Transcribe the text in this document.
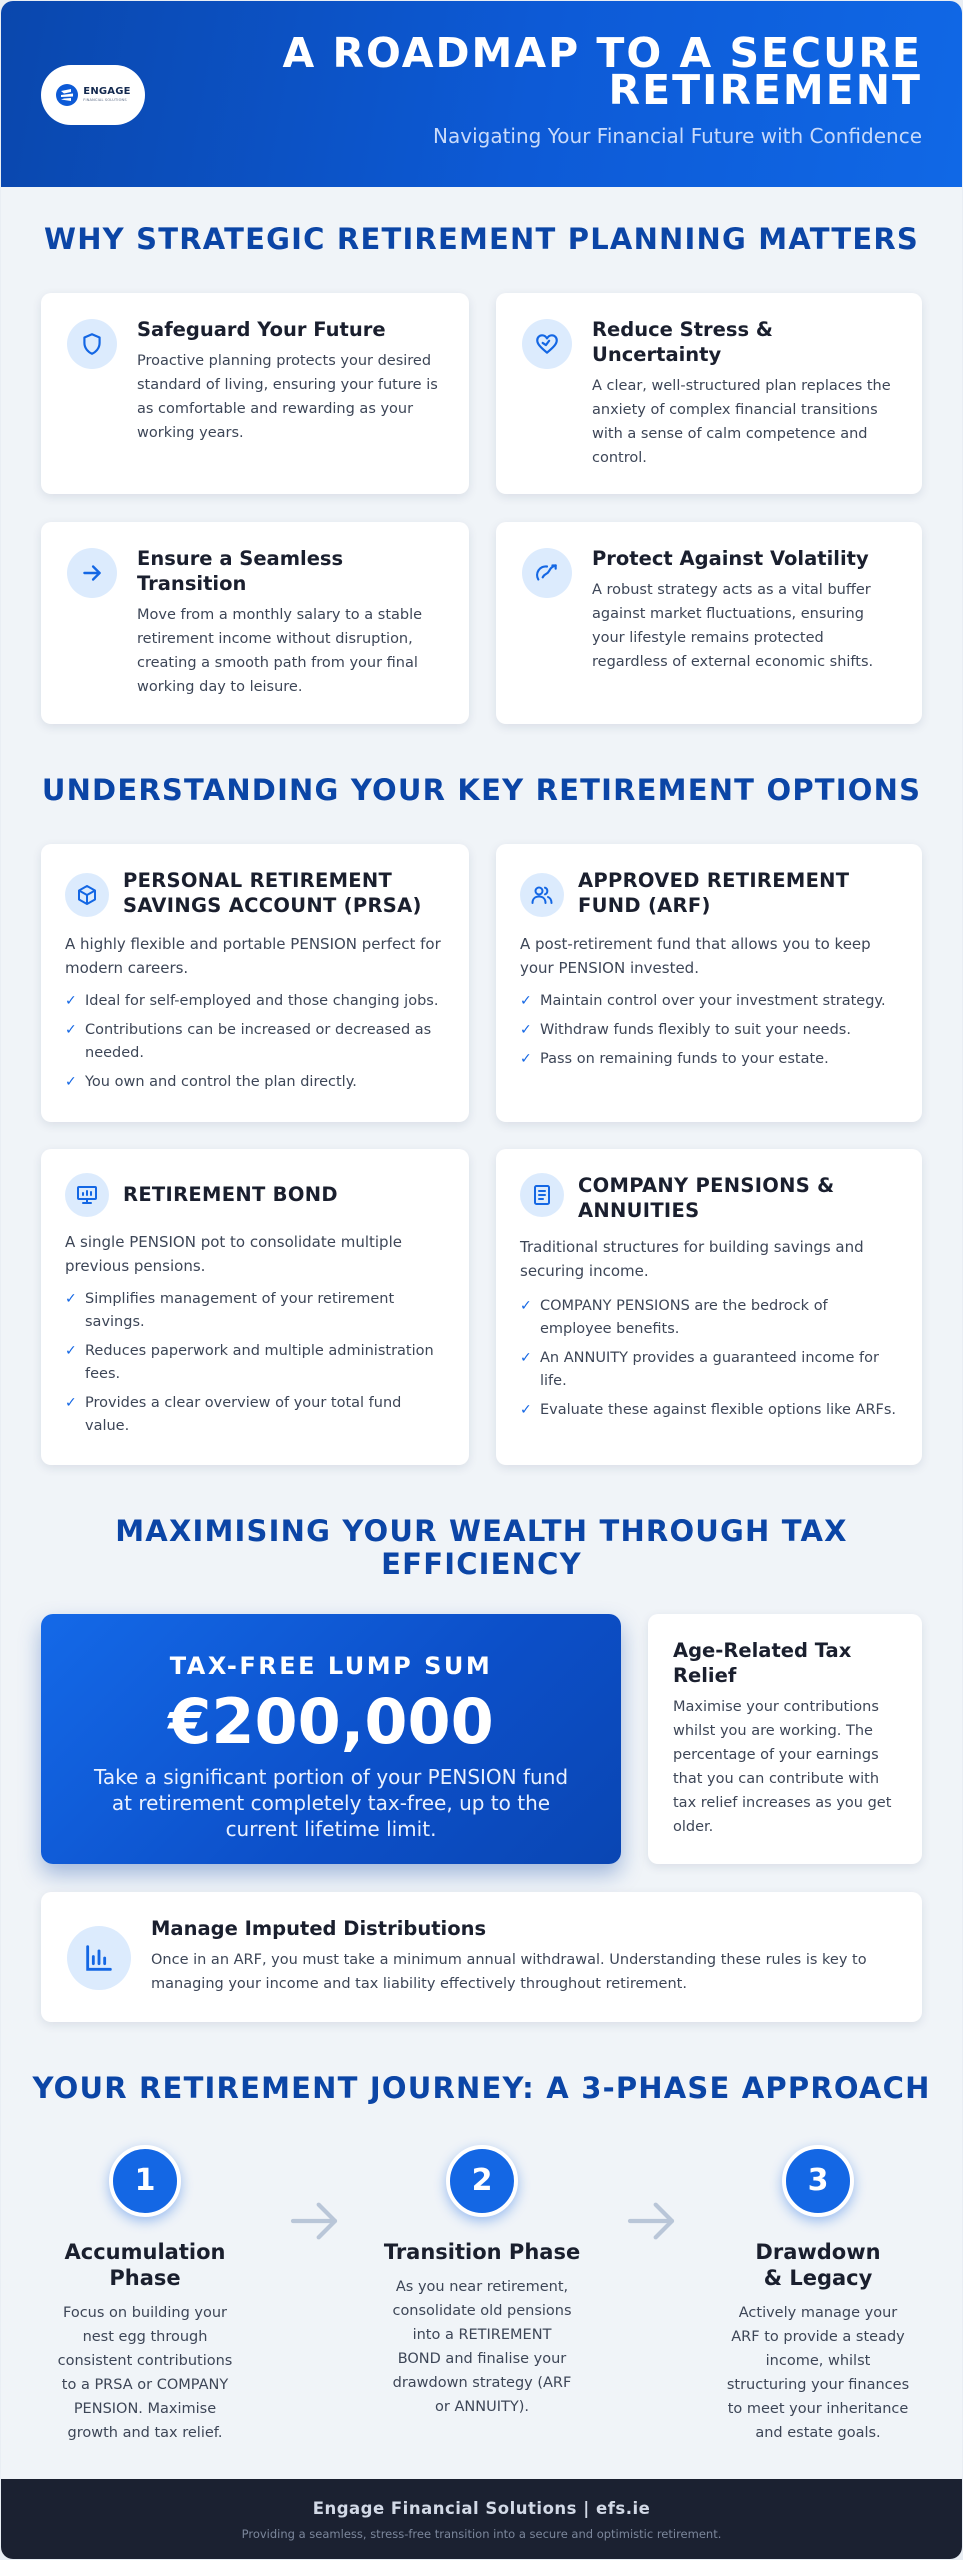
ENGAGE
FINANCIAL SOLUTIONS
A ROADMAP TO A SECURE
RETIREMENT
Navigating Your Financial Future with Confidence
WHY STRATEGIC RETIREMENT PLANNING MATTERS
Safeguard Your Future
Proactive planning protects your desired standard of living, ensuring your future is as comfortable and rewarding as your working years.
Reduce Stress & Uncertainty
A clear, well-structured plan replaces the anxiety of complex financial transitions with a sense of calm competence and control.
Ensure a Seamless Transition
Move from a monthly salary to a stable retirement income without disruption, creating a smooth path from your final working day to leisure.
Protect Against Volatility
A robust strategy acts as a vital buffer against market fluctuations, ensuring your lifestyle remains protected regardless of external economic shifts.
UNDERSTANDING YOUR KEY RETIREMENT OPTIONS
PERSONAL RETIREMENT SAVINGS ACCOUNT (PRSA)
A highly flexible and portable PENSION perfect for modern careers.
✓ Ideal for self-employed and those changing jobs.
✓ Contributions can be increased or decreased as needed.
✓ You own and control the plan directly.
APPROVED RETIREMENT FUND (ARF)
A post-retirement fund that allows you to keep your PENSION invested.
✓ Maintain control over your investment strategy.
✓ Withdraw funds flexibly to suit your needs.
✓ Pass on remaining funds to your estate.
RETIREMENT BOND
A single PENSION pot to consolidate multiple previous pensions.
✓ Simplifies management of your retirement savings.
✓ Reduces paperwork and multiple administration fees.
✓ Provides a clear overview of your total fund value.
COMPANY PENSIONS & ANNUITIES
Traditional structures for building savings and securing income.
✓ COMPANY PENSIONS are the bedrock of employee benefits.
✓ An ANNUITY provides a guaranteed income for life.
✓ Evaluate these against flexible options like ARFs.
MAXIMISING YOUR WEALTH THROUGH TAX EFFICIENCY
TAX-FREE LUMP SUM
€200,000
Take a significant portion of your PENSION fund at retirement completely tax-free, up to the current lifetime limit.
Age-Related Tax Relief
Maximise your contributions whilst you are working. The percentage of your earnings that you can contribute with tax relief increases as you get older.
Manage Imputed Distributions
Once in an ARF, you must take a minimum annual withdrawal. Understanding these rules is key to managing your income and tax liability effectively throughout retirement.
YOUR RETIREMENT JOURNEY: A 3-PHASE APPROACH
1
Accumulation Phase
Focus on building your nest egg through consistent contributions to a PRSA or COMPANY PENSION. Maximise growth and tax relief.
2
Transition Phase
As you near retirement, consolidate old pensions into a RETIREMENT BOND and finalise your drawdown strategy (ARF or ANNUITY).
3
Drawdown & Legacy
Actively manage your ARF to provide a steady income, whilst structuring your finances to meet your inheritance and estate goals.
Engage Financial Solutions | efs.ie
Providing a seamless, stress-free transition into a secure and optimistic retirement.
